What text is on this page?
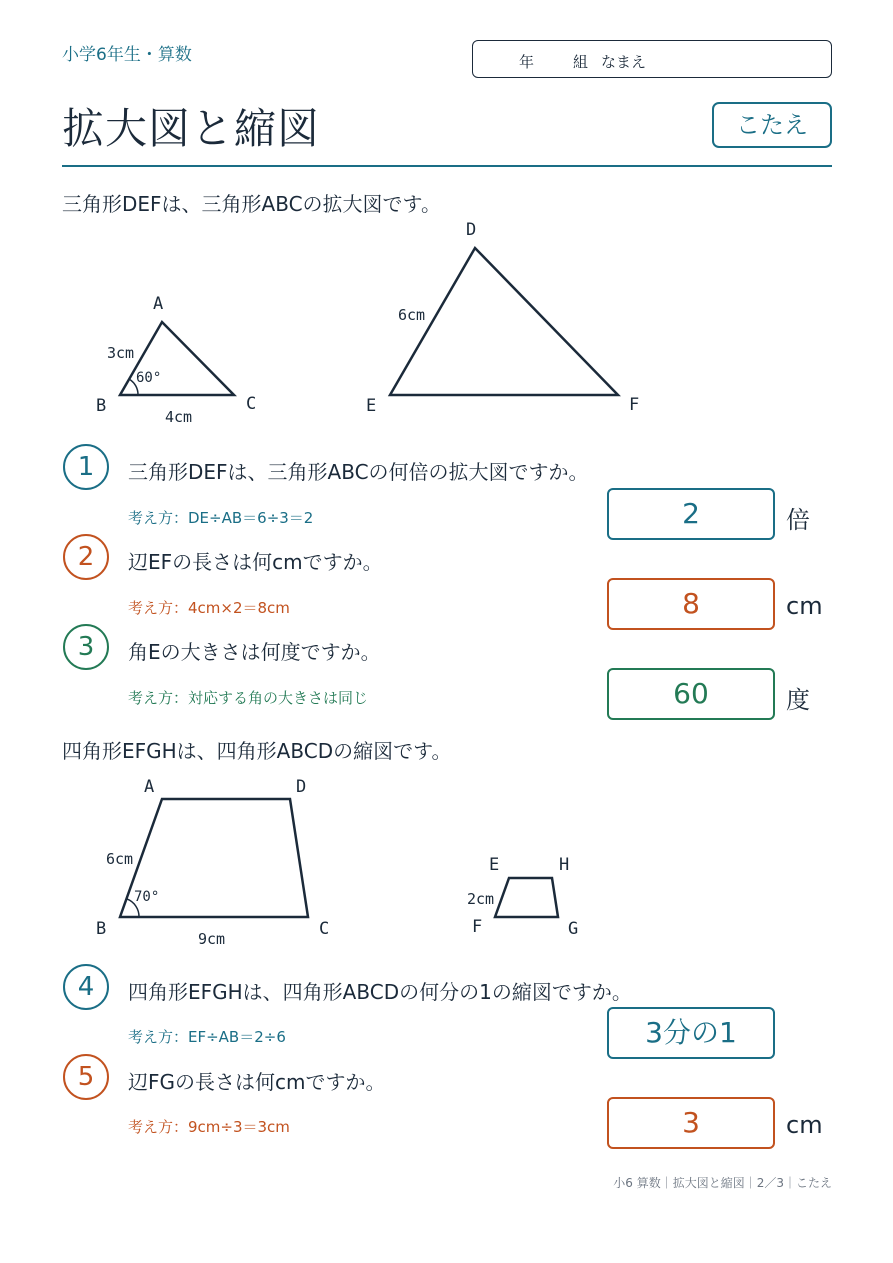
小学6年生・算数	年	組 なまえ
拡大図と縮図	こたえ
三角形DEFは、三角形ABCの拡大図です。
A
B	C
3cm
4cm
60°
D
E	F
6cm
A	D
B	C
6cm
9cm
70°
E	H
F	G
2cm
1	三角形DEFは、三角形ABCの何倍の拡大図ですか。
考え方：DE÷AB＝6÷3＝2	2	倍
2	辺EFの長さは何cmですか。
考え方：4cm×2＝8cm	8	cm
3	角Eの大きさは何度ですか。
考え方：対応する角の大きさは同じ	60	度
四角形EFGHは、四角形ABCDの縮図です。
4	四角形EFGHは、四角形ABCDの何分の1の縮図ですか。
考え方：EF÷AB＝2÷6	3分の1
5	辺FGの長さは何cmですか。
考え方：9cm÷3＝3cm	3	cm
小6 算数｜拡大図と縮図｜2／3｜こたえ
